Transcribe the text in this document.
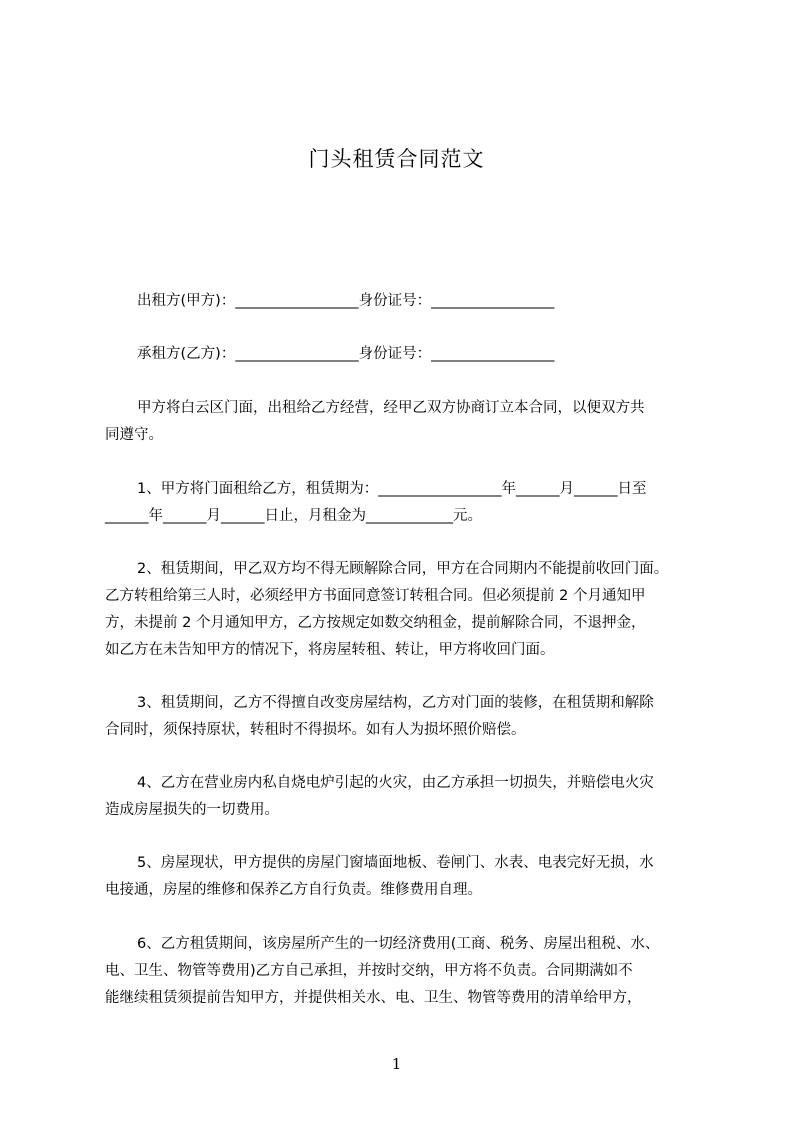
门头租赁合同范文
出租方(甲方)：_________________身份证号：_________________
承租方(乙方)：_________________身份证号：_________________
甲方将白云区门面，出租给乙方经营，经甲乙双方协商订立本合同，以便双方共
同遵守。
1、甲方将门面租给乙方，租赁期为：_________________年______月______日至
______年______月______日止，月租金为____________元。
2、租赁期间，甲乙双方均不得无顾解除合同，甲方在合同期内不能提前收回门面。
乙方转租给第三人时，必须经甲方书面同意签订转租合同。但必须提前 2 个月通知甲
方，未提前 2 个月通知甲方，乙方按规定如数交纳租金，提前解除合同，不退押金，
如乙方在未告知甲方的情况下，将房屋转租、转让，甲方将收回门面。
3、租赁期间，乙方不得擅自改变房屋结构，乙方对门面的装修，在租赁期和解除
合同时，须保持原状，转租时不得损坏。如有人为损坏照价赔偿。
4、乙方在营业房内私自烧电炉引起的火灾，由乙方承担一切损失，并赔偿电火灾
造成房屋损失的一切费用。
5、房屋现状，甲方提供的房屋门窗墙面地板、卷闸门、水表、电表完好无损，水
电接通，房屋的维修和保养乙方自行负责。维修费用自理。
6、乙方租赁期间，该房屋所产生的一切经济费用(工商、税务、房屋出租税、水、
电、卫生、物管等费用)乙方自己承担，并按时交纳，甲方将不负责。合同期满如不
能继续租赁须提前告知甲方，并提供相关水、电、卫生、物管等费用的清单给甲方，
1
